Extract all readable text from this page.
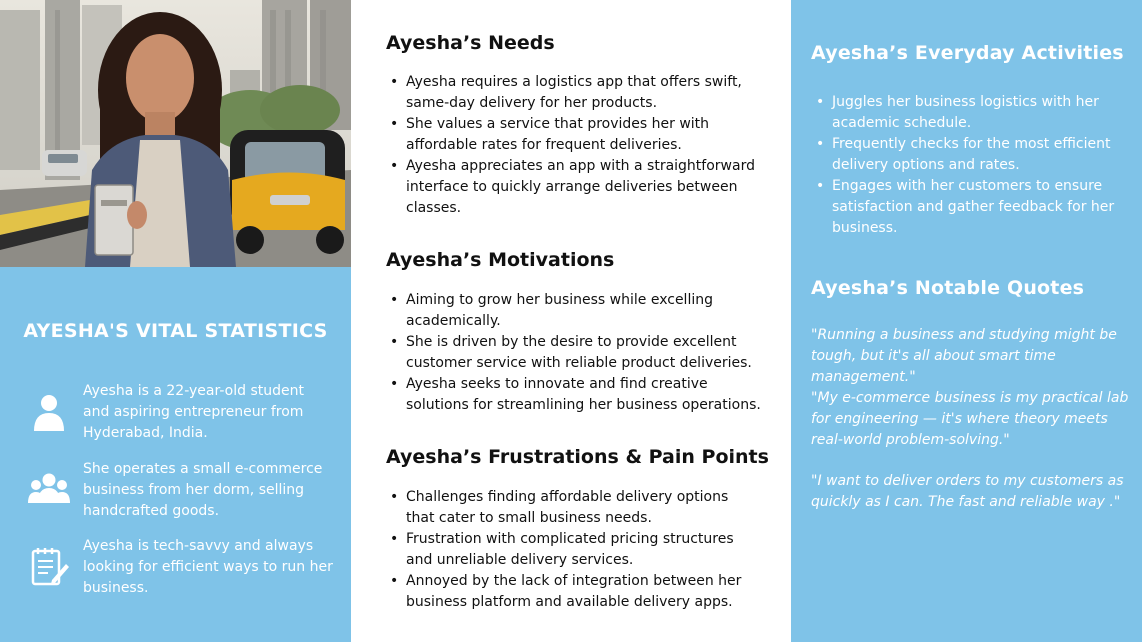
AYESHA'S VITAL STATISTICS
Ayesha is a 22-year-old student and aspiring entrepreneur from Hyderabad, India.
She operates a small e-commerce business from her dorm, selling handcrafted goods.
Ayesha is tech-savvy and always looking for efficient ways to run her business.
Ayesha’s Needs
• Ayesha requires a logistics app that offers swift, same-day delivery for her products.
• She values a service that provides her with affordable rates for frequent deliveries.
• Ayesha appreciates an app with a straightforward interface to quickly arrange deliveries between classes.
Ayesha’s Motivations
• Aiming to grow her business while excelling academically.
• She is driven by the desire to provide excellent customer service with reliable product deliveries.
• Ayesha seeks to innovate and find creative solutions for streamlining her business operations.
Ayesha’s Frustrations & Pain Points
• Challenges finding affordable delivery options that cater to small business needs.
• Frustration with complicated pricing structures and unreliable delivery services.
• Annoyed by the lack of integration between her business platform and available delivery apps.
Ayesha’s Everyday Activities
• Juggles her business logistics with her academic schedule.
• Frequently checks for the most efficient delivery options and rates.
• Engages with her customers to ensure satisfaction and gather feedback for her business.
Ayesha’s Notable Quotes
"Running a business and studying might be tough, but it's all about smart time management."
"My e-commerce business is my practical lab for engineering — it's where theory meets real-world problem-solving."
"I want to deliver orders to my customers as quickly as I can. The fast and reliable way ."
